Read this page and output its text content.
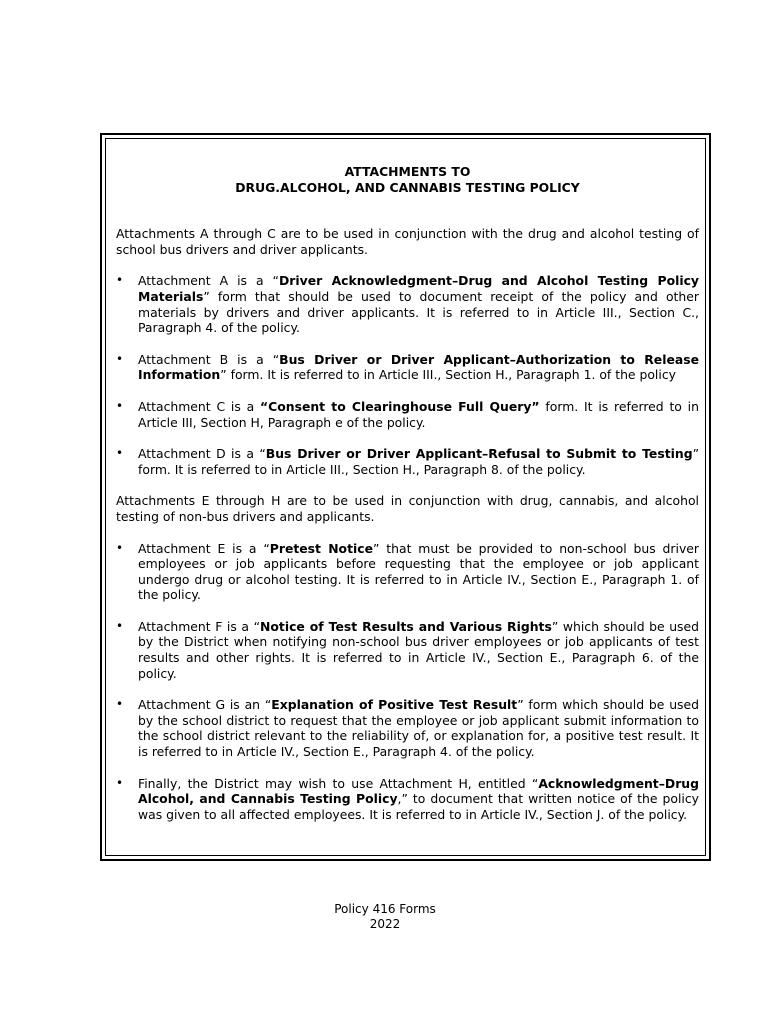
ATTACHMENTS TO
DRUG.ALCOHOL, AND CANNABIS TESTING POLICY

Attachments A through C are to be used in conjunction with the drug and alcohol testing of school bus drivers and driver applicants.

• Attachment A is a “Driver Acknowledgment–Drug and Alcohol Testing Policy Materials” form that should be used to document receipt of the policy and other materials by drivers and driver applicants. It is referred to in Article III., Section C., Paragraph 4. of the policy.
• Attachment B is a “Bus Driver or Driver Applicant–Authorization to Release Information” form. It is referred to in Article III., Section H., Paragraph 1. of the policy
• Attachment C is a “Consent to Clearinghouse Full Query” form. It is referred to in Article III, Section H, Paragraph e of the policy.
• Attachment D is a “Bus Driver or Driver Applicant–Refusal to Submit to Testing” form. It is referred to in Article III., Section H., Paragraph 8. of the policy.

Attachments E through H are to be used in conjunction with drug, cannabis, and alcohol testing of non-bus drivers and applicants.

• Attachment E is a “Pretest Notice” that must be provided to non-school bus driver employees or job applicants before requesting that the employee or job applicant undergo drug or alcohol testing. It is referred to in Article IV., Section E., Paragraph 1. of the policy.
• Attachment F is a “Notice of Test Results and Various Rights” which should be used by the District when notifying non-school bus driver employees or job applicants of test results and other rights. It is referred to in Article IV., Section E., Paragraph 6. of the policy.
• Attachment G is an “Explanation of Positive Test Result” form which should be used by the school district to request that the employee or job applicant submit information to the school district relevant to the reliability of, or explanation for, a positive test result. It is referred to in Article IV., Section E., Paragraph 4. of the policy.
• Finally, the District may wish to use Attachment H, entitled “Acknowledgment–Drug Alcohol, and Cannabis Testing Policy,” to document that written notice of the policy was given to all affected employees. It is referred to in Article IV., Section J. of the policy.
Policy 416 Forms
2022
